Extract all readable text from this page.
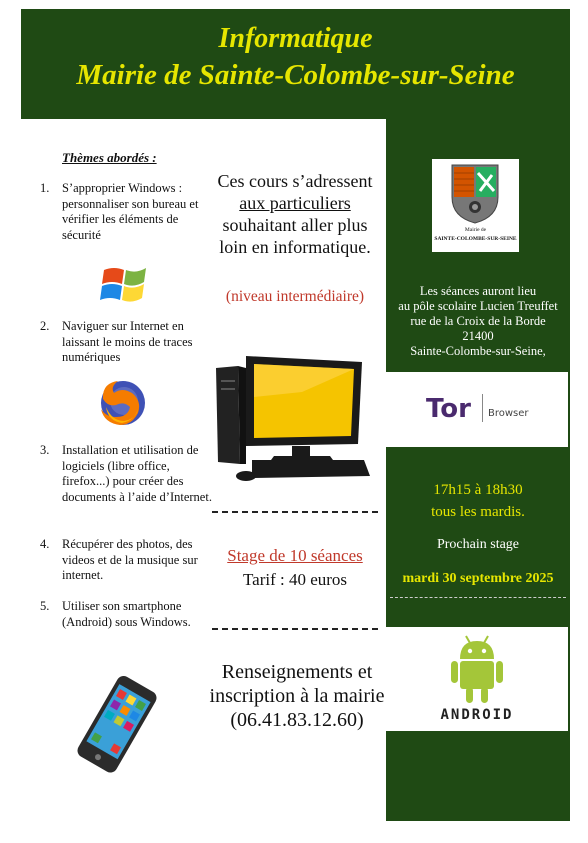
Informatique
Mairie de Sainte-Colombe-sur-Seine
Thèmes abordés :
1. S’approprier Windows : personnaliser son bureau et vérifier les éléments de sécurité
2. Naviguer sur Internet en laissant le moins de traces numériques
3. Installation et utilisation de logiciels (libre office, firefox...) pour créer des documents à l’aide d’Internet.
4. Récupérer des photos, des videos et de la musique sur internet.
5. Utiliser son smartphone (Android) sous Windows.
Ces cours s’adressent
aux particuliers
souhaitant aller plus loin en informatique.
(niveau intermédiaire)
Stage de 10 séances
Tarif : 40 euros
Renseignements et inscription à la mairie
(06.41.83.12.60)
Mairie de
SAINTE-COLOMBE-SUR-SEINE
Les séances auront lieu
au pôle scolaire Lucien Treuffet
rue de la Croix de la Borde
21400
Sainte-Colombe-sur-Seine,
Tor Browser
17h15 à 18h30
tous les mardis.
Prochain stage
mardi 30 septembre 2025
ANDROID
